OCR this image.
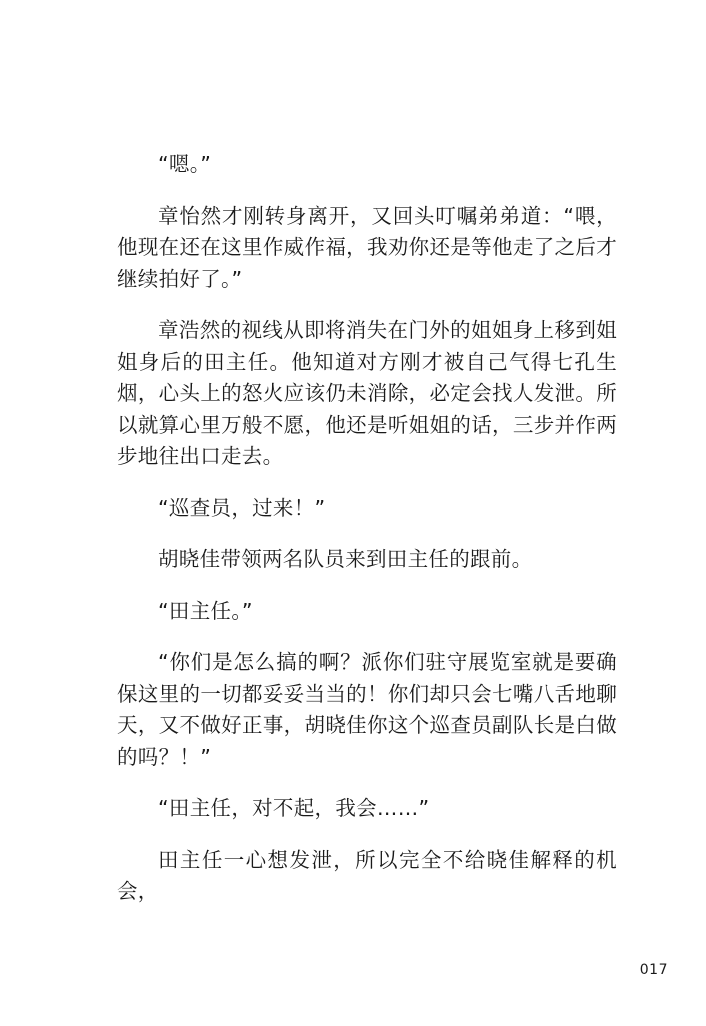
“嗯。”

章怡然才刚转身离开，又回头叮嘱弟弟道：“喂，他现在还在这里作威作福，我劝你还是等他走了之后才继续拍好了。”

章浩然的视线从即将消失在门外的姐姐身上移到姐姐身后的田主任。他知道对方刚才被自己气得七孔生烟，心头上的怒火应该仍未消除，必定会找人发泄。所以就算心里万般不愿，他还是听姐姐的话，三步并作两步地往出口走去。

“巡查员，过来！”

胡晓佳带领两名队员来到田主任的跟前。

“田主任。”

“你们是怎么搞的啊？派你们驻守展览室就是要确保这里的一切都妥妥当当的！你们却只会七嘴八舌地聊天，又不做好正事，胡晓佳你这个巡查员副队长是白做的吗？！”

“田主任，对不起，我会……”

田主任一心想发泄，所以完全不给晓佳解释的机会，

017
